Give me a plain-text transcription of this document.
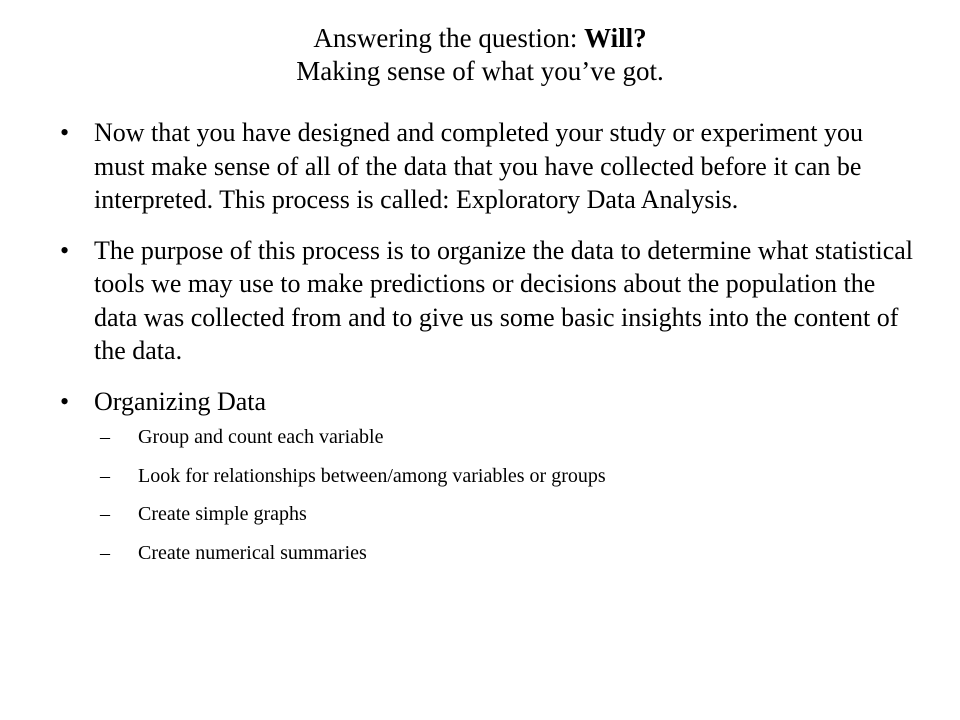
Answering the question: Will?
Making sense of what you’ve got.
• Now that you have designed and completed your study or experiment you must make sense of all of the data that you have collected before it can be interpreted. This process is called: Exploratory Data Analysis.
• The purpose of this process is to organize the data to determine what statistical tools we may use to make predictions or decisions about the population the data was collected from and to give us some basic insights into the content of the data.
• Organizing Data
– Group and count each variable
– Look for relationships between/among variables or groups
– Create simple graphs
– Create numerical summaries
